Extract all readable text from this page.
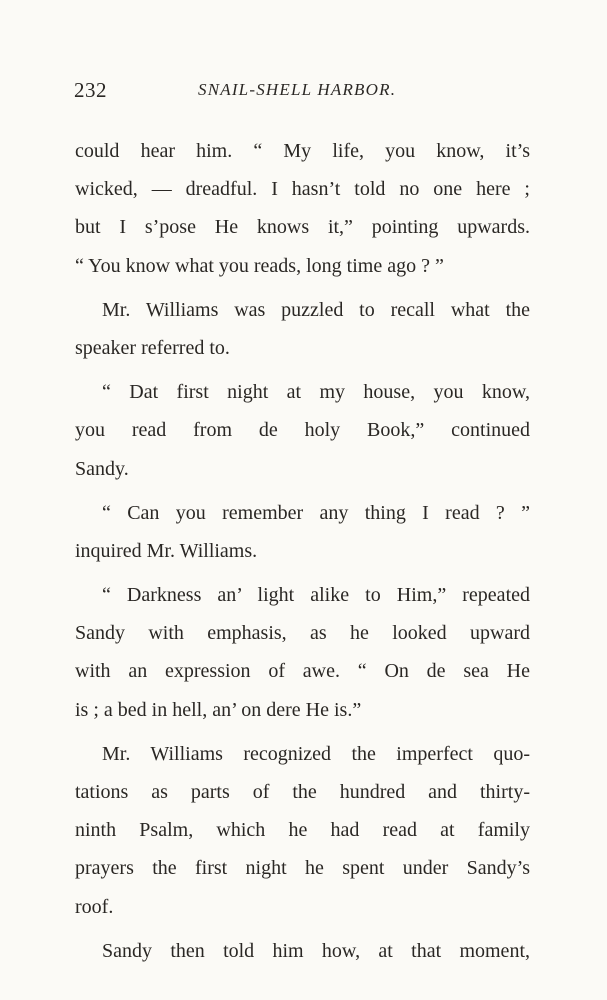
232	SNAIL-SHELL HARBOR.
could hear him. “ My life, you know, it’s
wicked, — dreadful. I hasn’t told no one here ;
but I s’pose He knows it,” pointing upwards.
“ You know what you reads, long time ago ? ”
Mr. Williams was puzzled to recall what the
speaker referred to.
“ Dat first night at my house, you know,
you read from de holy Book,” continued
Sandy.
“ Can you remember any thing I read ? ”
inquired Mr. Williams.
“ Darkness an’ light alike to Him,” repeated
Sandy with emphasis, as he looked upward
with an expression of awe. “ On de sea He
is ; a bed in hell, an’ on dere He is.”
Mr. Williams recognized the imperfect quo-
tations as parts of the hundred and thirty-
ninth Psalm, which he had read at family
prayers the first night he spent under Sandy’s
roof.
Sandy then told him how, at that moment,
